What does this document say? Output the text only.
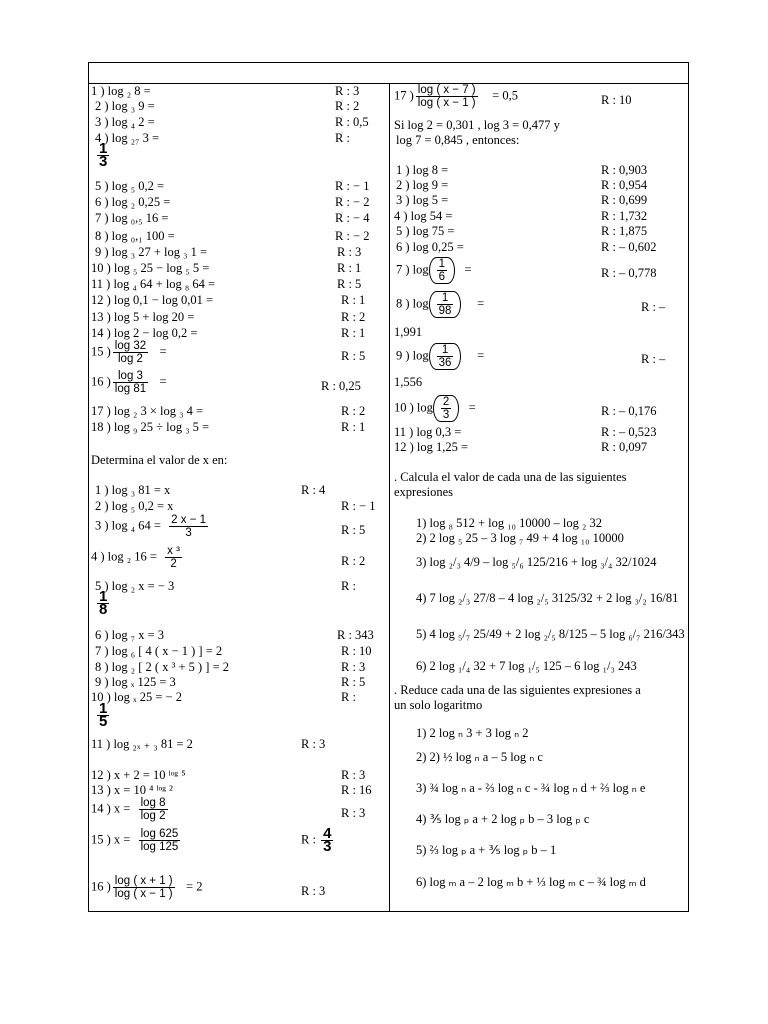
1 ) log ₂ 8 =	R : 3
2 ) log ₃ 9 =	R : 2
3 ) log ₄ 2 =	R : 0,5
4 ) log ₂₇ 3 =	R :
$\frac{1}{3}$
5 ) log ₅ 0,2 =	R : − 1
6 ) log ₂ 0,25 =	R : − 2
7 ) log ₀,₅ 16 =	R : − 4
8 ) log ₀,₁ 100 =	R : − 2
9 ) log ₃ 27 + log ₃ 1 =	R : 3
10 ) log ₅ 25 − log ₅ 5 =	R : 1
11 ) log ₄ 64 + log ₈ 64 =	R : 5
12 ) log 0,1 − log 0,01 =	R : 1
13 ) log 5 + log 20 =	R : 2
14 ) log 2 − log 0,2 =	R : 1
15 ) $\frac{\log 32}{\log 2}$ =	R : 5
16 ) $\frac{\log 3}{\log 81}$ =	R : 0,25
17 ) log ₂ 3 × log ₃ 4 =	R : 2
18 ) log ₉ 25 ÷ log ₃ 5 =	R : 1
Determina el valor de x en:
1 ) log ₃ 81 = x	R : 4
2 ) log ₅ 0,2 = x	R : − 1
3 ) log ₄ $64 = \frac{2 x - 1}{3}$	R : 5
4 ) log ₂ $16 = \frac{\text{x ³}}{2}$	R : 2
5 ) log ₂ x = − 3	R :
$\frac{1}{8}$
6 ) log ₇ x = 3	R : 343
7 ) log ₆ [ 4 ( x − 1 ) ] = 2	R : 10
8 ) log ₂ [ 2 ( x ³ + 5 ) ] = 2	R : 3
9 ) log ₓ 125 = 3	R : 5
10 ) log ₓ 25 = − 2	R :
$\frac{1}{5}$
11 ) log ₂ₓ ₊ ₃ 81 = 2	R : 3
12 ) x + 2 = 10 ˡᵒᵍ ⁵	R : 3
13 ) x = 10 ⁴ ˡᵒᵍ ²	R : 16
14 ) $x = \frac{\log 8}{\log 2}$	R : 3
15 ) $x = \frac{\log 625}{\log 125}$	R : $\frac{4}{3}$
16 ) $\frac{\log ( x + 1 )}{\log ( x - 1 )} = 2$	R : 3
17 ) $\frac{\log ( x - 7 )}{\log ( x - 1 )} = 0,5$	R : 10
Si log 2 = 0,301 , log 3 = 0,477 y
log 7 = 0,845 , entonces:
1 ) log 8 =	R : 0,903
2 ) log 9 =	R : 0,954
3 ) log 5 =	R : 0,699
4 ) log 54 =	R : 1,732
5 ) log 75 =	R : 1,875
6 ) log 0,25 =	R : – 0,602
7 ) $\log \frac{1}{6}$ =	R : – 0,778
8 ) $\log \frac{1}{98}$ =	R : –
1,991
9 ) $\log \frac{1}{36}$ =	R : –
1,556
10 ) $\log \frac{2}{3}$ =	R : – 0,176
11 ) log 0,3 =	R : – 0,523
12 ) log 1,25 =	R : 0,097
. Calcula el valor de cada una de las siguientes
expresiones
1) log ₈ 512 + log ₁₀ 10000 – log ₂ 32
2) 2 log ₅ 25 – 3 log ₇ 49 + 4 log ₁₀ 10000
3) log ₂/₃ 4/9 – log ₅/₆ 125/216 + log ₃/₄ 32/1024
4) 7 log ₂/₃ 27/8 – 4 log ₂/₅ 3125/32 + 2 log ₃/₂ 16/81
5) 4 log ₅/₇ 25/49 + 2 log ₂/₅ 8/125 – 5 log ₆/₇ 216/343
6) 2 log ₁/₄ 32 + 7 log ₁/₅ 125 – 6 log ₁/₃ 243
. Reduce cada una de las siguientes expresiones a
un solo logaritmo
1) 2 log ₙ 3 + 3 log ₙ 2
2) 2) ½ log ₙ a – 5 log ₙ c
3) ¾ log ₙ a - ⅔ log ₙ c - ¾ log ₙ d + ⅔ log ₙ e
4) ⅗ log ₚ a + 2 log ₚ b – 3 log ₚ c
5) ⅔ log ₚ a + ⅗ log ₚ b – 1
6) log ₘ a – 2 log ₘ b + ⅓ log ₘ c – ¾ log ₘ d
